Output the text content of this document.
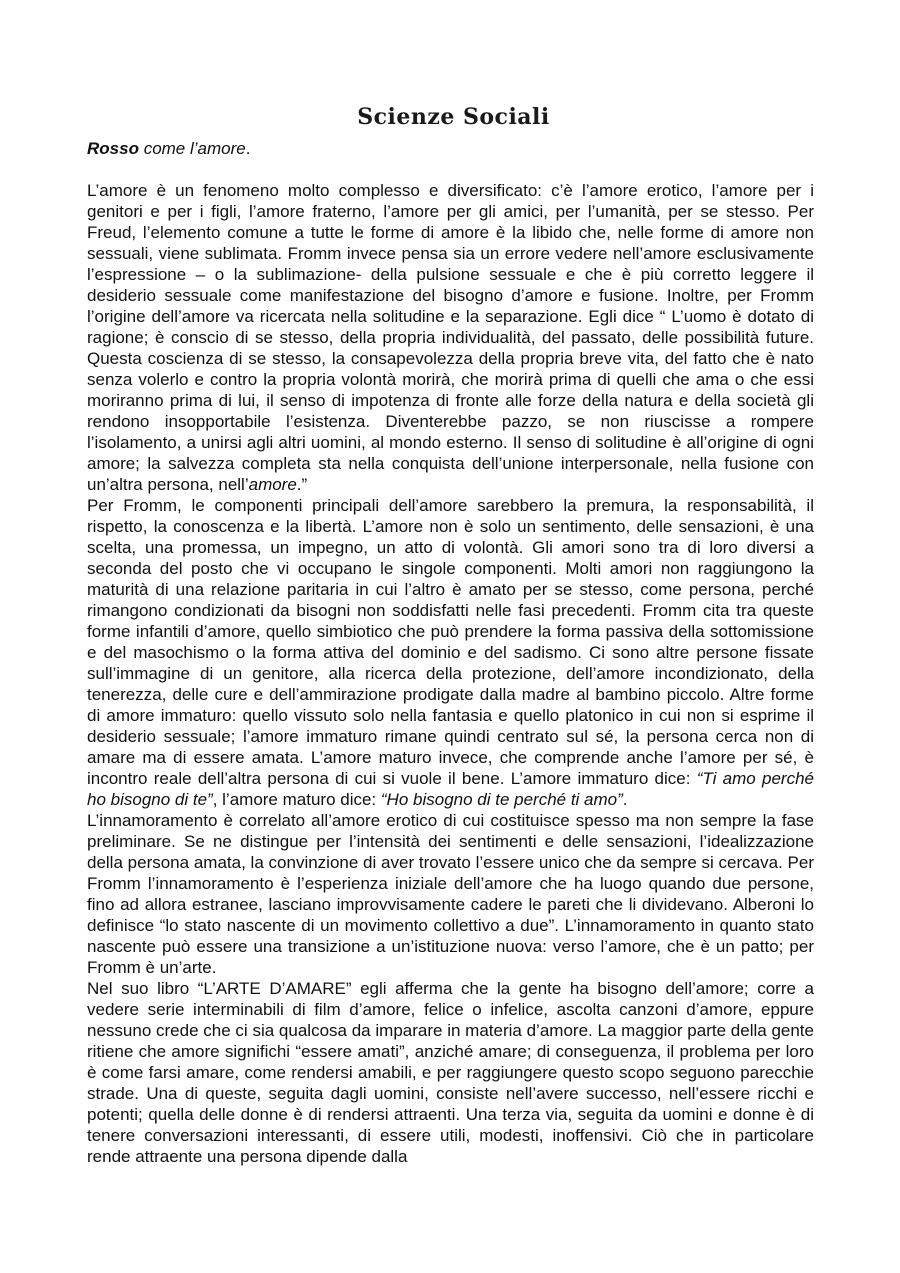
Scienze Sociali
Rosso come l’amore.

L’amore è un fenomeno molto complesso e diversificato: c’è l’amore erotico, l’amore per i genitori e per i figli, l’amore fraterno, l’amore per gli amici, per l’umanità, per se stesso. Per Freud, l’elemento comune a tutte le forme di amore è la libido che, nelle forme di amore non sessuali, viene sublimata. Fromm invece pensa sia un errore vedere nell’amore esclusivamente l’espressione – o la sublimazione- della pulsione sessuale e che è più corretto leggere il desiderio sessuale come manifestazione del bisogno d’amore e fusione. Inoltre, per Fromm l’origine dell’amore va ricercata nella solitudine e la separazione. Egli dice “ L’uomo è dotato di ragione; è conscio di se stesso, della propria individualità, del passato, delle possibilità future. Questa coscienza di se stesso, la consapevolezza della propria breve vita, del fatto che è nato senza volerlo e contro la propria volontà morirà, che morirà prima di quelli che ama o che essi moriranno prima di lui, il senso di impotenza di fronte alle forze della natura e della società gli rendono insopportabile l’esistenza. Diventerebbe pazzo, se non riuscisse a rompere l’isolamento, a unirsi agli altri uomini, al mondo esterno. Il senso di solitudine è all’origine di ogni amore; la salvezza completa sta nella conquista dell’unione interpersonale, nella fusione con un’altra persona, nell’amore.”

Per Fromm, le componenti principali dell’amore sarebbero la premura, la responsabilità, il rispetto, la conoscenza e la libertà. L’amore non è solo un sentimento, delle sensazioni, è una scelta, una promessa, un impegno, un atto di volontà. Gli amori sono tra di loro diversi a seconda del posto che vi occupano le singole componenti. Molti amori non raggiungono la maturità di una relazione paritaria in cui l’altro è amato per se stesso, come persona, perché rimangono condizionati da bisogni non soddisfatti nelle fasi precedenti. Fromm cita tra queste forme infantili d’amore, quello simbiotico che può prendere la forma passiva della sottomissione e del masochismo o la forma attiva del dominio e del sadismo. Ci sono altre persone fissate sull’immagine di un genitore, alla ricerca della protezione, dell’amore incondizionato, della tenerezza, delle cure e dell’ammirazione prodigate dalla madre al bambino piccolo. Altre forme di amore immaturo: quello vissuto solo nella fantasia e quello platonico in cui non si esprime il desiderio sessuale; l’amore immaturo rimane quindi centrato sul sé, la persona cerca non di amare ma di essere amata. L’amore maturo invece, che comprende anche l’amore per sé, è incontro reale dell’altra persona di cui si vuole il bene. L’amore immaturo dice: “Ti amo perché ho bisogno di te”, l’amore maturo dice: “Ho bisogno di te perché ti amo”.

L’innamoramento è correlato all’amore erotico di cui costituisce spesso ma non sempre la fase preliminare. Se ne distingue per l’intensità dei sentimenti e delle sensazioni, l’idealizzazione della persona amata, la convinzione di aver trovato l’essere unico che da sempre si cercava. Per Fromm l’innamoramento è l’esperienza iniziale dell’amore che ha luogo quando due persone, fino ad allora estranee, lasciano improvvisamente cadere le pareti che li dividevano. Alberoni lo definisce “lo stato nascente di un movimento collettivo a due”. L’innamoramento in quanto stato nascente può essere una transizione a un’istituzione nuova: verso l’amore, che è un patto; per Fromm è un’arte.

Nel suo libro “L’ARTE D’AMARE” egli afferma che la gente ha bisogno dell’amore; corre a vedere serie interminabili di film d’amore, felice o infelice, ascolta canzoni d’amore, eppure nessuno crede che ci sia qualcosa da imparare in materia d’amore. La maggior parte della gente ritiene che amore significhi “essere amati”, anziché amare; di conseguenza, il problema per loro è come farsi amare, come rendersi amabili, e per raggiungere questo scopo seguono parecchie strade. Una di queste, seguita dagli uomini, consiste nell’avere successo, nell’essere ricchi e potenti; quella delle donne è di rendersi attraenti. Una terza via, seguita da uomini e donne è di tenere conversazioni interessanti, di essere utili, modesti, inoffensivi. Ciò che in particolare rende attraente una persona dipende dalla
